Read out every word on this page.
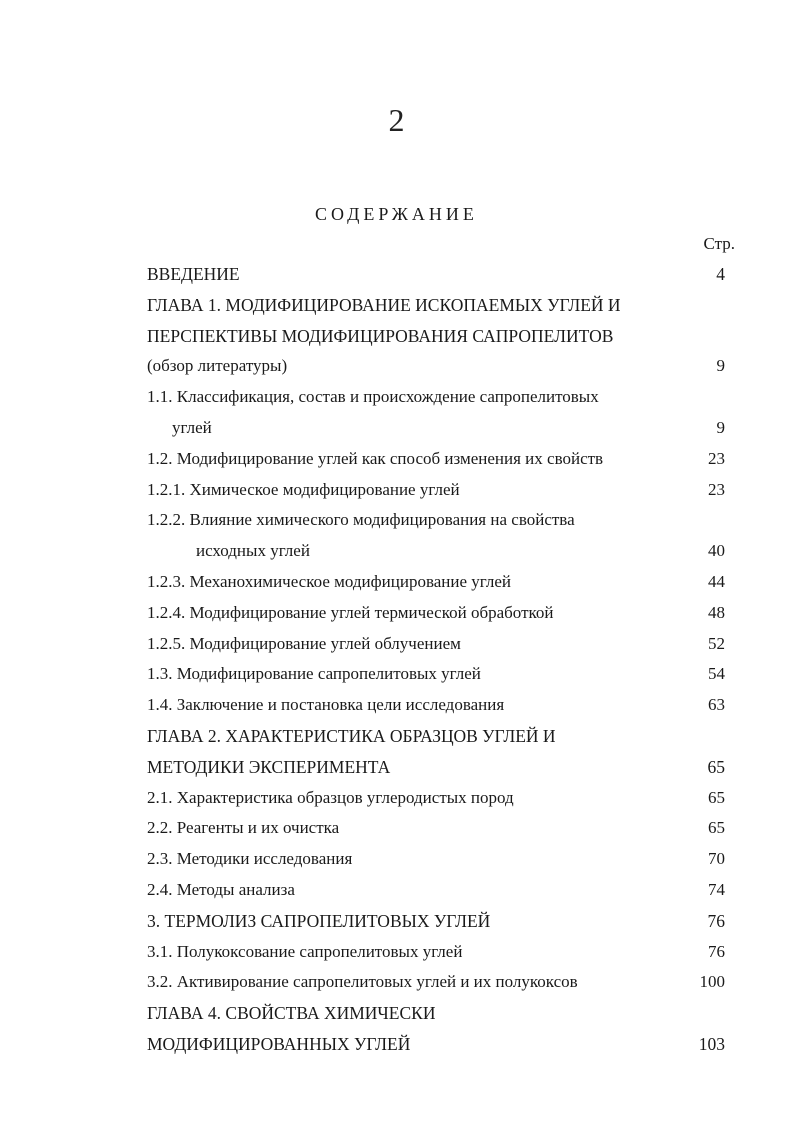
2
СОДЕРЖАНИЕ
Стр.
ВВЕДЕНИЕ	4
ГЛАВА 1. МОДИФИЦИРОВАНИЕ ИСКОПАЕМЫХ УГЛЕЙ И
ПЕРСПЕКТИВЫ МОДИФИЦИРОВАНИЯ САПРОПЕЛИТОВ
(обзор литературы)	9
1.1. Классификация, состав и происхождение сапропелитовых
углей	9
1.2. Модифицирование углей как способ изменения их свойств	23
1.2.1. Химическое модифицирование углей	23
1.2.2. Влияние химического модифицирования на свойства
исходных углей	40
1.2.3. Механохимическое модифицирование углей	44
1.2.4. Модифицирование углей термической обработкой	48
1.2.5. Модифицирование углей облучением	52
1.3. Модифицирование сапропелитовых углей	54
1.4. Заключение и постановка цели исследования	63
ГЛАВА 2. ХАРАКТЕРИСТИКА ОБРАЗЦОВ УГЛЕЙ И
МЕТОДИКИ ЭКСПЕРИМЕНТА	65
2.1. Характеристика образцов углеродистых пород	65
2.2. Реагенты и их очистка	65
2.3. Методики исследования	70
2.4. Методы анализа	74
3. ТЕРМОЛИЗ САПРОПЕЛИТОВЫХ УГЛЕЙ	76
3.1. Полукоксование сапропелитовых углей	76
3.2. Активирование сапропелитовых углей и их полукоксов	100
ГЛАВА 4. СВОЙСТВА ХИМИЧЕСКИ
МОДИФИЦИРОВАННЫХ УГЛЕЙ	103
